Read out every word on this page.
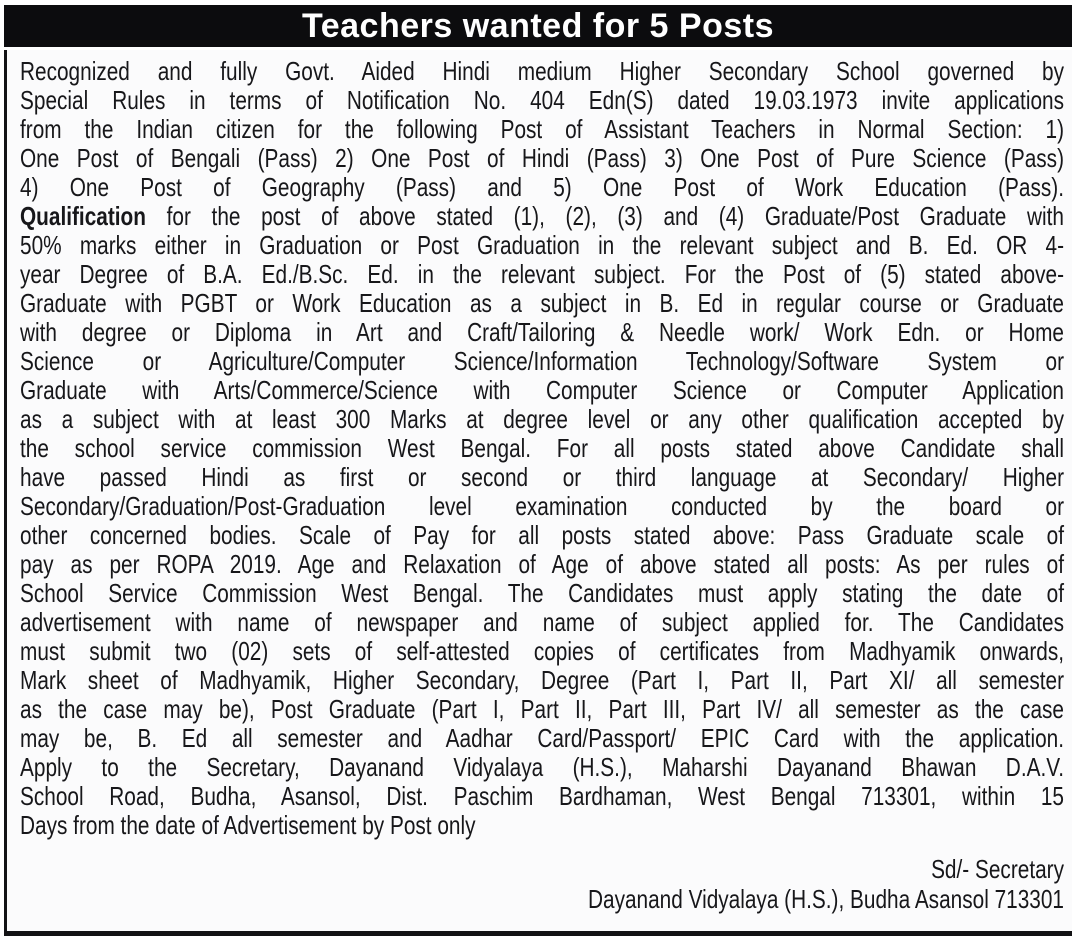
Teachers wanted for 5 Posts
Recognized and fully Govt. Aided Hindi medium Higher Secondary School governed by
Special Rules in terms of Notification No. 404 Edn(S) dated 19.03.1973 invite applications
from the Indian citizen for the following Post of Assistant Teachers in Normal Section: 1)
One Post of Bengali (Pass) 2) One Post of Hindi (Pass) 3) One Post of Pure Science (Pass)
4) One Post of Geography (Pass) and 5) One Post of Work Education (Pass).
Qualification for the post of above stated (1), (2), (3) and (4) Graduate/Post Graduate with
50% marks either in Graduation or Post Graduation in the relevant subject and B. Ed. OR 4-
year Degree of B.A. Ed./B.Sc. Ed. in the relevant subject. For the Post of (5) stated above-
Graduate with PGBT or Work Education as a subject in B. Ed in regular course or Graduate
with degree or Diploma in Art and Craft/Tailoring & Needle work/ Work Edn. or Home
Science or Agriculture/Computer Science/Information Technology/Software System or
Graduate with Arts/Commerce/Science with Computer Science or Computer Application
as a subject with at least 300 Marks at degree level or any other qualification accepted by
the school service commission West Bengal. For all posts stated above Candidate shall
have passed Hindi as first or second or third language at Secondary/ Higher
Secondary/Graduation/Post-Graduation level examination conducted by the board or
other concerned bodies. Scale of Pay for all posts stated above: Pass Graduate scale of
pay as per ROPA 2019. Age and Relaxation of Age of above stated all posts: As per rules of
School Service Commission West Bengal. The Candidates must apply stating the date of
advertisement with name of newspaper and name of subject applied for. The Candidates
must submit two (02) sets of self-attested copies of certificates from Madhyamik onwards,
Mark sheet of Madhyamik, Higher Secondary, Degree (Part I, Part II, Part XI/ all semester
as the case may be), Post Graduate (Part I, Part II, Part III, Part IV/ all semester as the case
may be, B. Ed all semester and Aadhar Card/Passport/ EPIC Card with the application.
Apply to the Secretary, Dayanand Vidyalaya (H.S.), Maharshi Dayanand Bhawan D.A.V.
School Road, Budha, Asansol, Dist. Paschim Bardhaman, West Bengal 713301, within 15
Days from the date of Advertisement by Post only
Sd/- Secretary
Dayanand Vidyalaya (H.S.), Budha Asansol 713301
